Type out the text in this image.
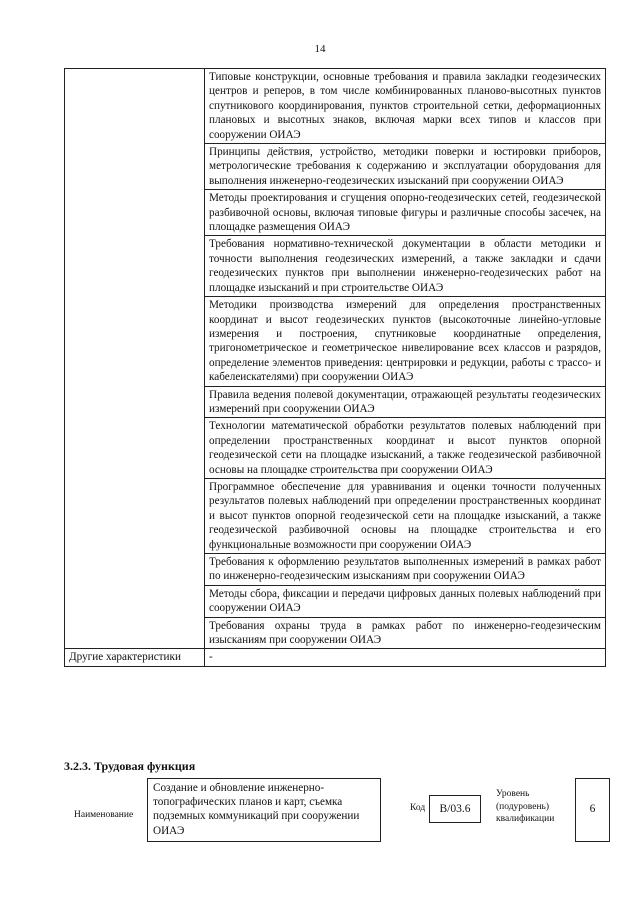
14
	Типовые конструкции, основные требования и правила закладки геодезических центров и реперов, в том числе комбинированных планово-высотных пунктов спутникового координирования, пунктов строительной сетки, деформационных плановых и высотных знаков, включая марки всех типов и классов при сооружении ОИАЭ
	Принципы действия, устройство, методики поверки и юстировки приборов, метрологические требования к содержанию и эксплуатации оборудования для выполнения инженерно-геодезических изысканий при сооружении ОИАЭ
	Методы проектирования и сгущения опорно-геодезических сетей, геодезической разбивочной основы, включая типовые фигуры и различные способы засечек, на площадке размещения ОИАЭ
	Требования нормативно-технической документации в области методики и точности выполнения геодезических измерений, а также закладки и сдачи геодезических пунктов при выполнении инженерно-геодезических работ на площадке изысканий и при строительстве ОИАЭ
	Методики производства измерений для определения пространственных координат и высот геодезических пунктов (высокоточные линейно-угловые измерения и построения, спутниковые координатные определения, тригонометрическое и геометрическое нивелирование всех классов и разрядов, определение элементов приведения: центрировки и редукции, работы с трассо- и кабелеискателями) при сооружении ОИАЭ
	Правила ведения полевой документации, отражающей результаты геодезических измерений при сооружении ОИАЭ
	Технологии математической обработки результатов полевых наблюдений при определении пространственных координат и высот пунктов опорной геодезической сети на площадке изысканий, а также геодезической разбивочной основы на площадке строительства при сооружении ОИАЭ
	Программное обеспечение для уравнивания и оценки точности полученных результатов полевых наблюдений при определении пространственных координат и высот пунктов опорной геодезической сети на площадке изысканий, а также геодезической разбивочной основы на площадке строительства и его функциональные возможности при сооружении ОИАЭ
	Требования к оформлению результатов выполненных измерений в рамках работ по инженерно-геодезическим изысканиям при сооружении ОИАЭ
	Методы сбора, фиксации и передачи цифровых данных полевых наблюдений при сооружении ОИАЭ
	Требования охраны труда в рамках работ по инженерно-геодезическим изысканиям при сооружении ОИАЭ
Другие характеристики	-
3.2.3. Трудовая функция
Наименование
Создание и обновление инженерно-топографических планов и карт, съемка подземных коммуникаций при сооружении ОИАЭ
Код	В/03.6
Уровень
(подуровень)
квалификации
6
